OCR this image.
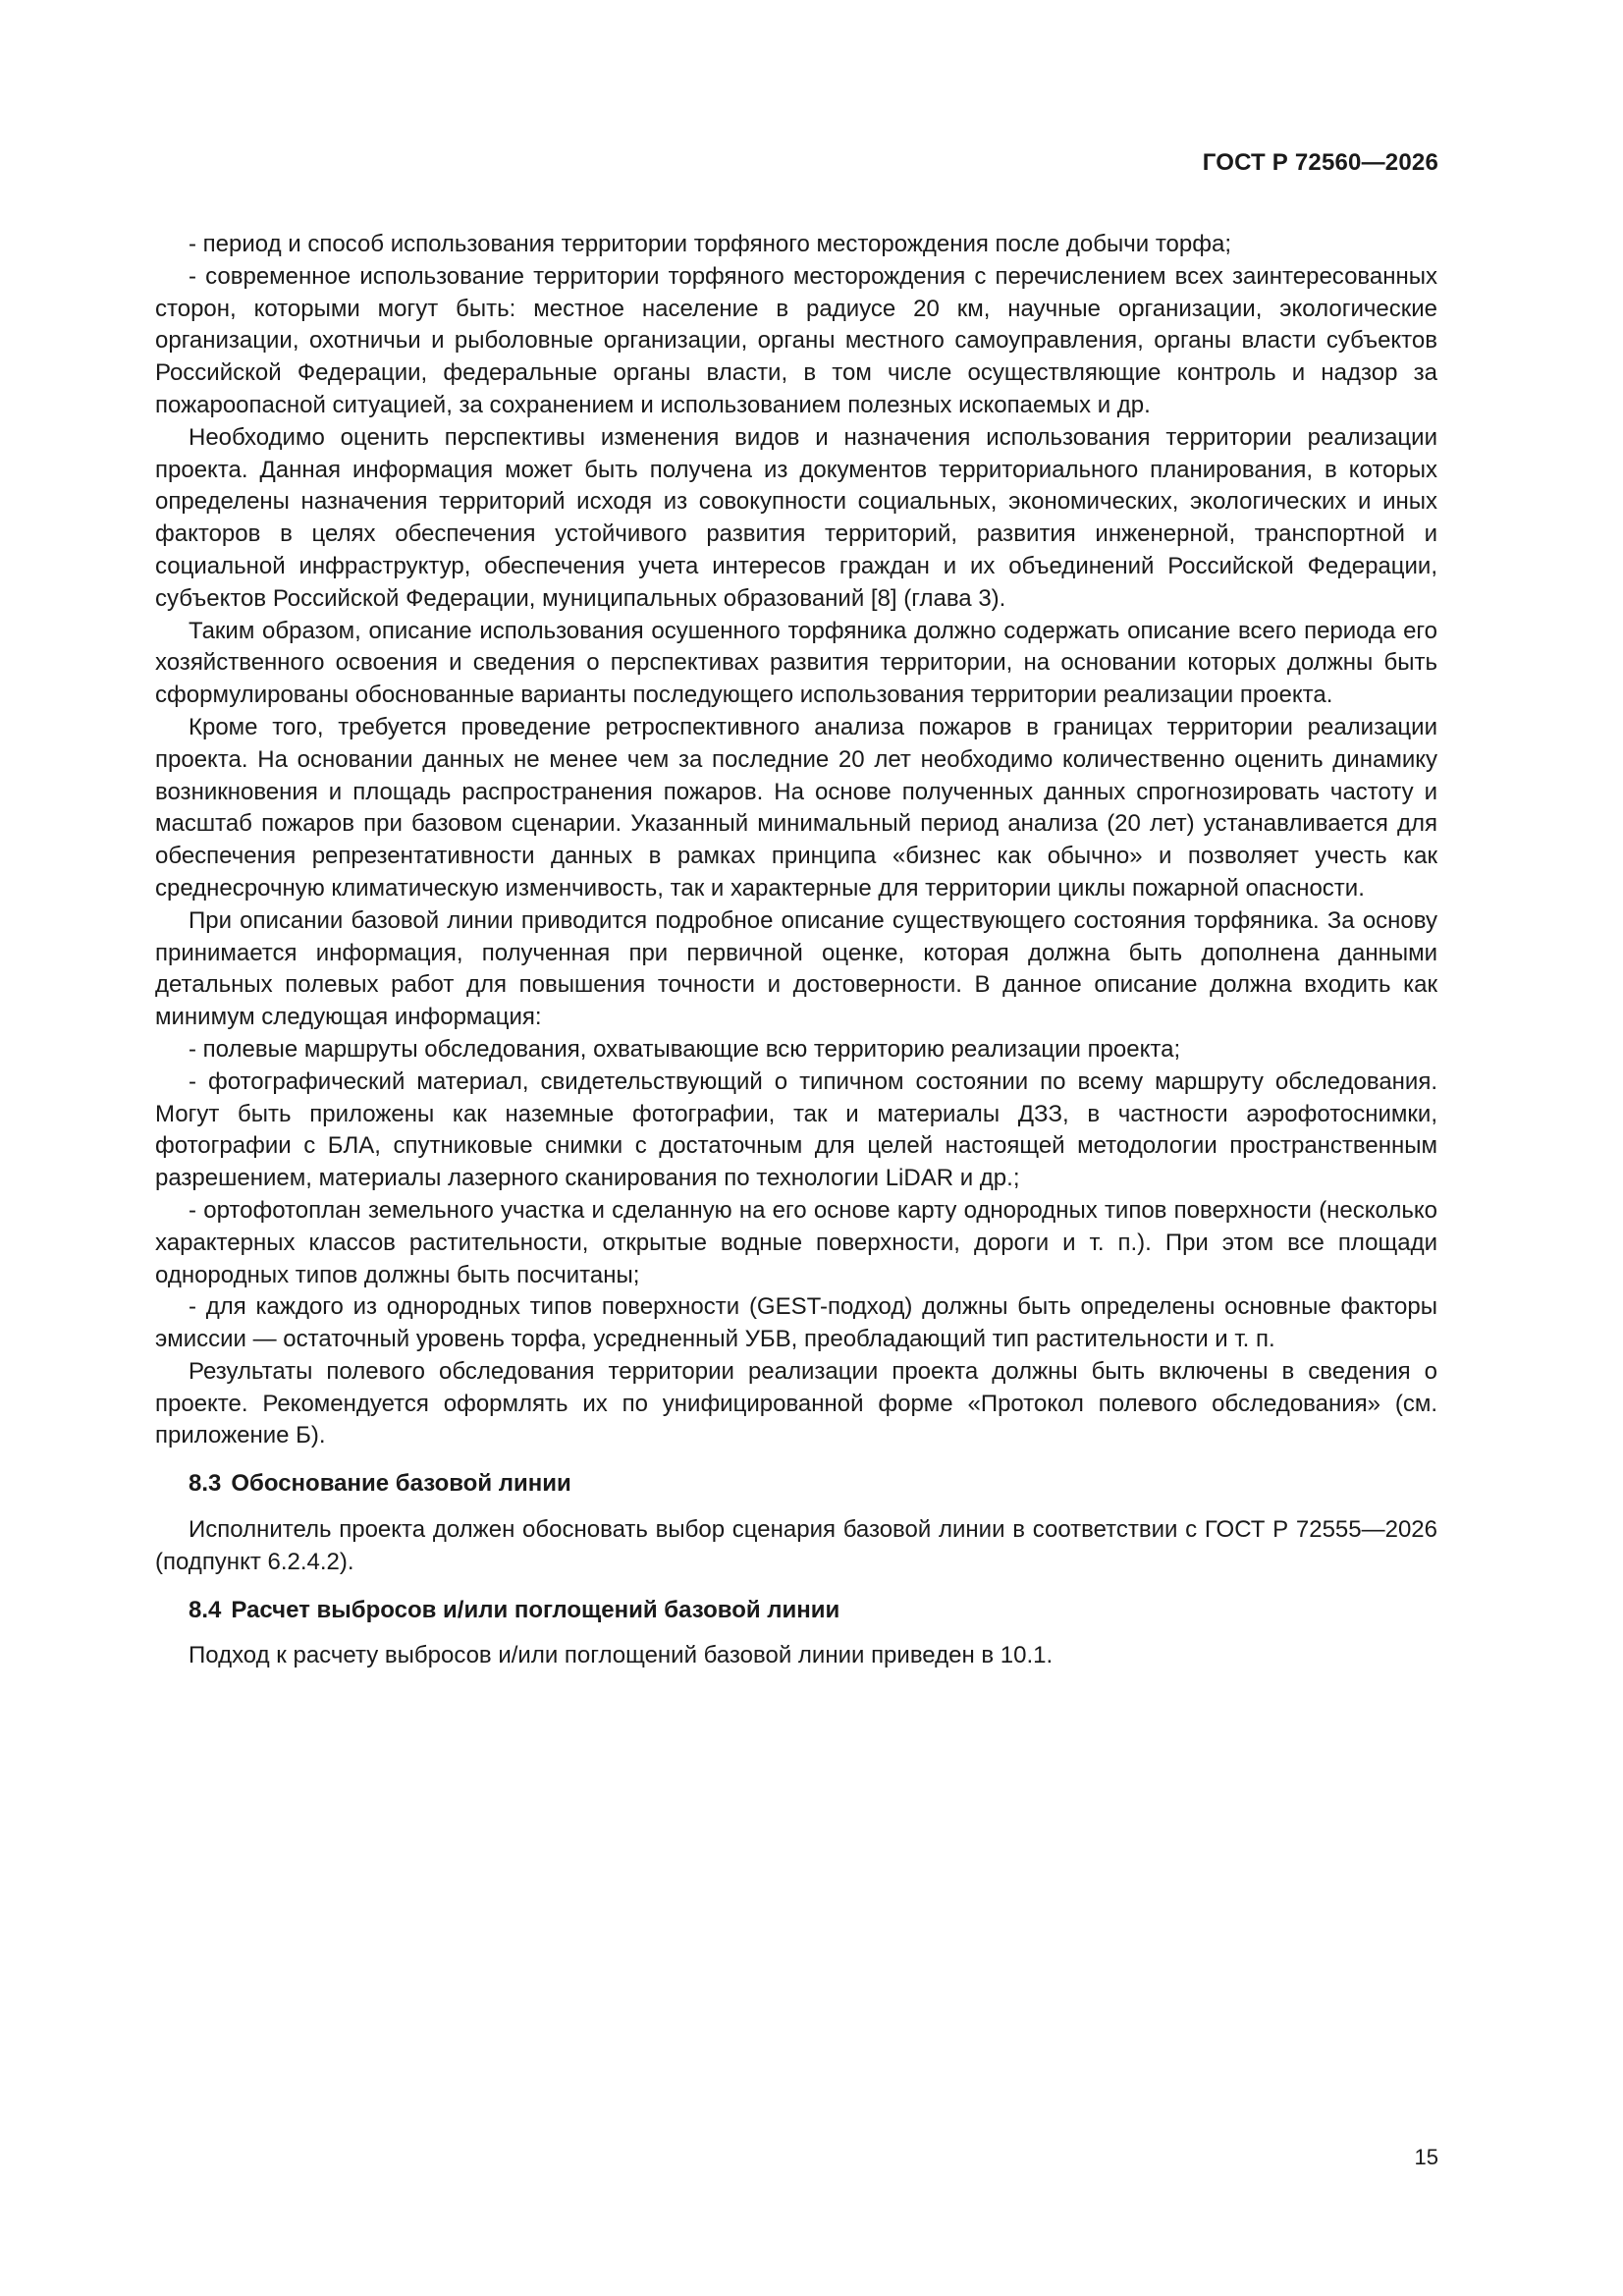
ГОСТ Р 72560—2026

- период и способ использования территории торфяного месторождения после добычи торфа;

- современное использование территории торфяного месторождения с перечислением всех заинтересованных сторон, которыми могут быть: местное население в радиусе 20 км, научные организации, экологические организации, охотничьи и рыболовные организации, органы местного самоуправления, органы власти субъектов Российской Федерации, федеральные органы власти, в том числе осуществляющие контроль и надзор за пожароопасной ситуацией, за сохранением и использованием полезных ископаемых и др.

Необходимо оценить перспективы изменения видов и назначения использования территории реализации проекта. Данная информация может быть получена из документов территориального планирования, в которых определены назначения территорий исходя из совокупности социальных, экономических, экологических и иных факторов в целях обеспечения устойчивого развития территорий, развития инженерной, транспортной и социальной инфраструктур, обеспечения учета интересов граждан и их объединений Российской Федерации, субъектов Российской Федерации, муниципальных образований [8] (глава 3).

Таким образом, описание использования осушенного торфяника должно содержать описание всего периода его хозяйственного освоения и сведения о перспективах развития территории, на основании которых должны быть сформулированы обоснованные варианты последующего использования территории реализации проекта.

Кроме того, требуется проведение ретроспективного анализа пожаров в границах территории реализации проекта. На основании данных не менее чем за последние 20 лет необходимо количественно оценить динамику возникновения и площадь распространения пожаров. На основе полученных данных спрогнозировать частоту и масштаб пожаров при базовом сценарии. Указанный минимальный период анализа (20 лет) устанавливается для обеспечения репрезентативности данных в рамках принципа «бизнес как обычно» и позволяет учесть как среднесрочную климатическую изменчивость, так и характерные для территории циклы пожарной опасности.

При описании базовой линии приводится подробное описание существующего состояния торфяника. За основу принимается информация, полученная при первичной оценке, которая должна быть дополнена данными детальных полевых работ для повышения точности и достоверности. В данное описание должна входить как минимум следующая информация:

- полевые маршруты обследования, охватывающие всю территорию реализации проекта;

- фотографический материал, свидетельствующий о типичном состоянии по всему маршруту обследования. Могут быть приложены как наземные фотографии, так и материалы ДЗЗ, в частности аэрофотоснимки, фотографии с БЛА, спутниковые снимки с достаточным для целей настоящей методологии пространственным разрешением, материалы лазерного сканирования по технологии LiDAR и др.;

- ортофотоплан земельного участка и сделанную на его основе карту однородных типов поверхности (несколько характерных классов растительности, открытые водные поверхности, дороги и т. п.). При этом все площади однородных типов должны быть посчитаны;

- для каждого из однородных типов поверхности (GEST-подход) должны быть определены основные факторы эмиссии — остаточный уровень торфа, усредненный УБВ, преобладающий тип растительности и т. п.

Результаты полевого обследования территории реализации проекта должны быть включены в сведения о проекте. Рекомендуется оформлять их по унифицированной форме «Протокол полевого обследования» (см. приложение Б).

8.3 Обоснование базовой линии

Исполнитель проекта должен обосновать выбор сценария базовой линии в соответствии с ГОСТ Р 72555—2026 (подпункт 6.2.4.2).

8.4 Расчет выбросов и/или поглощений базовой линии

Подход к расчету выбросов и/или поглощений базовой линии приведен в 10.1.

15
